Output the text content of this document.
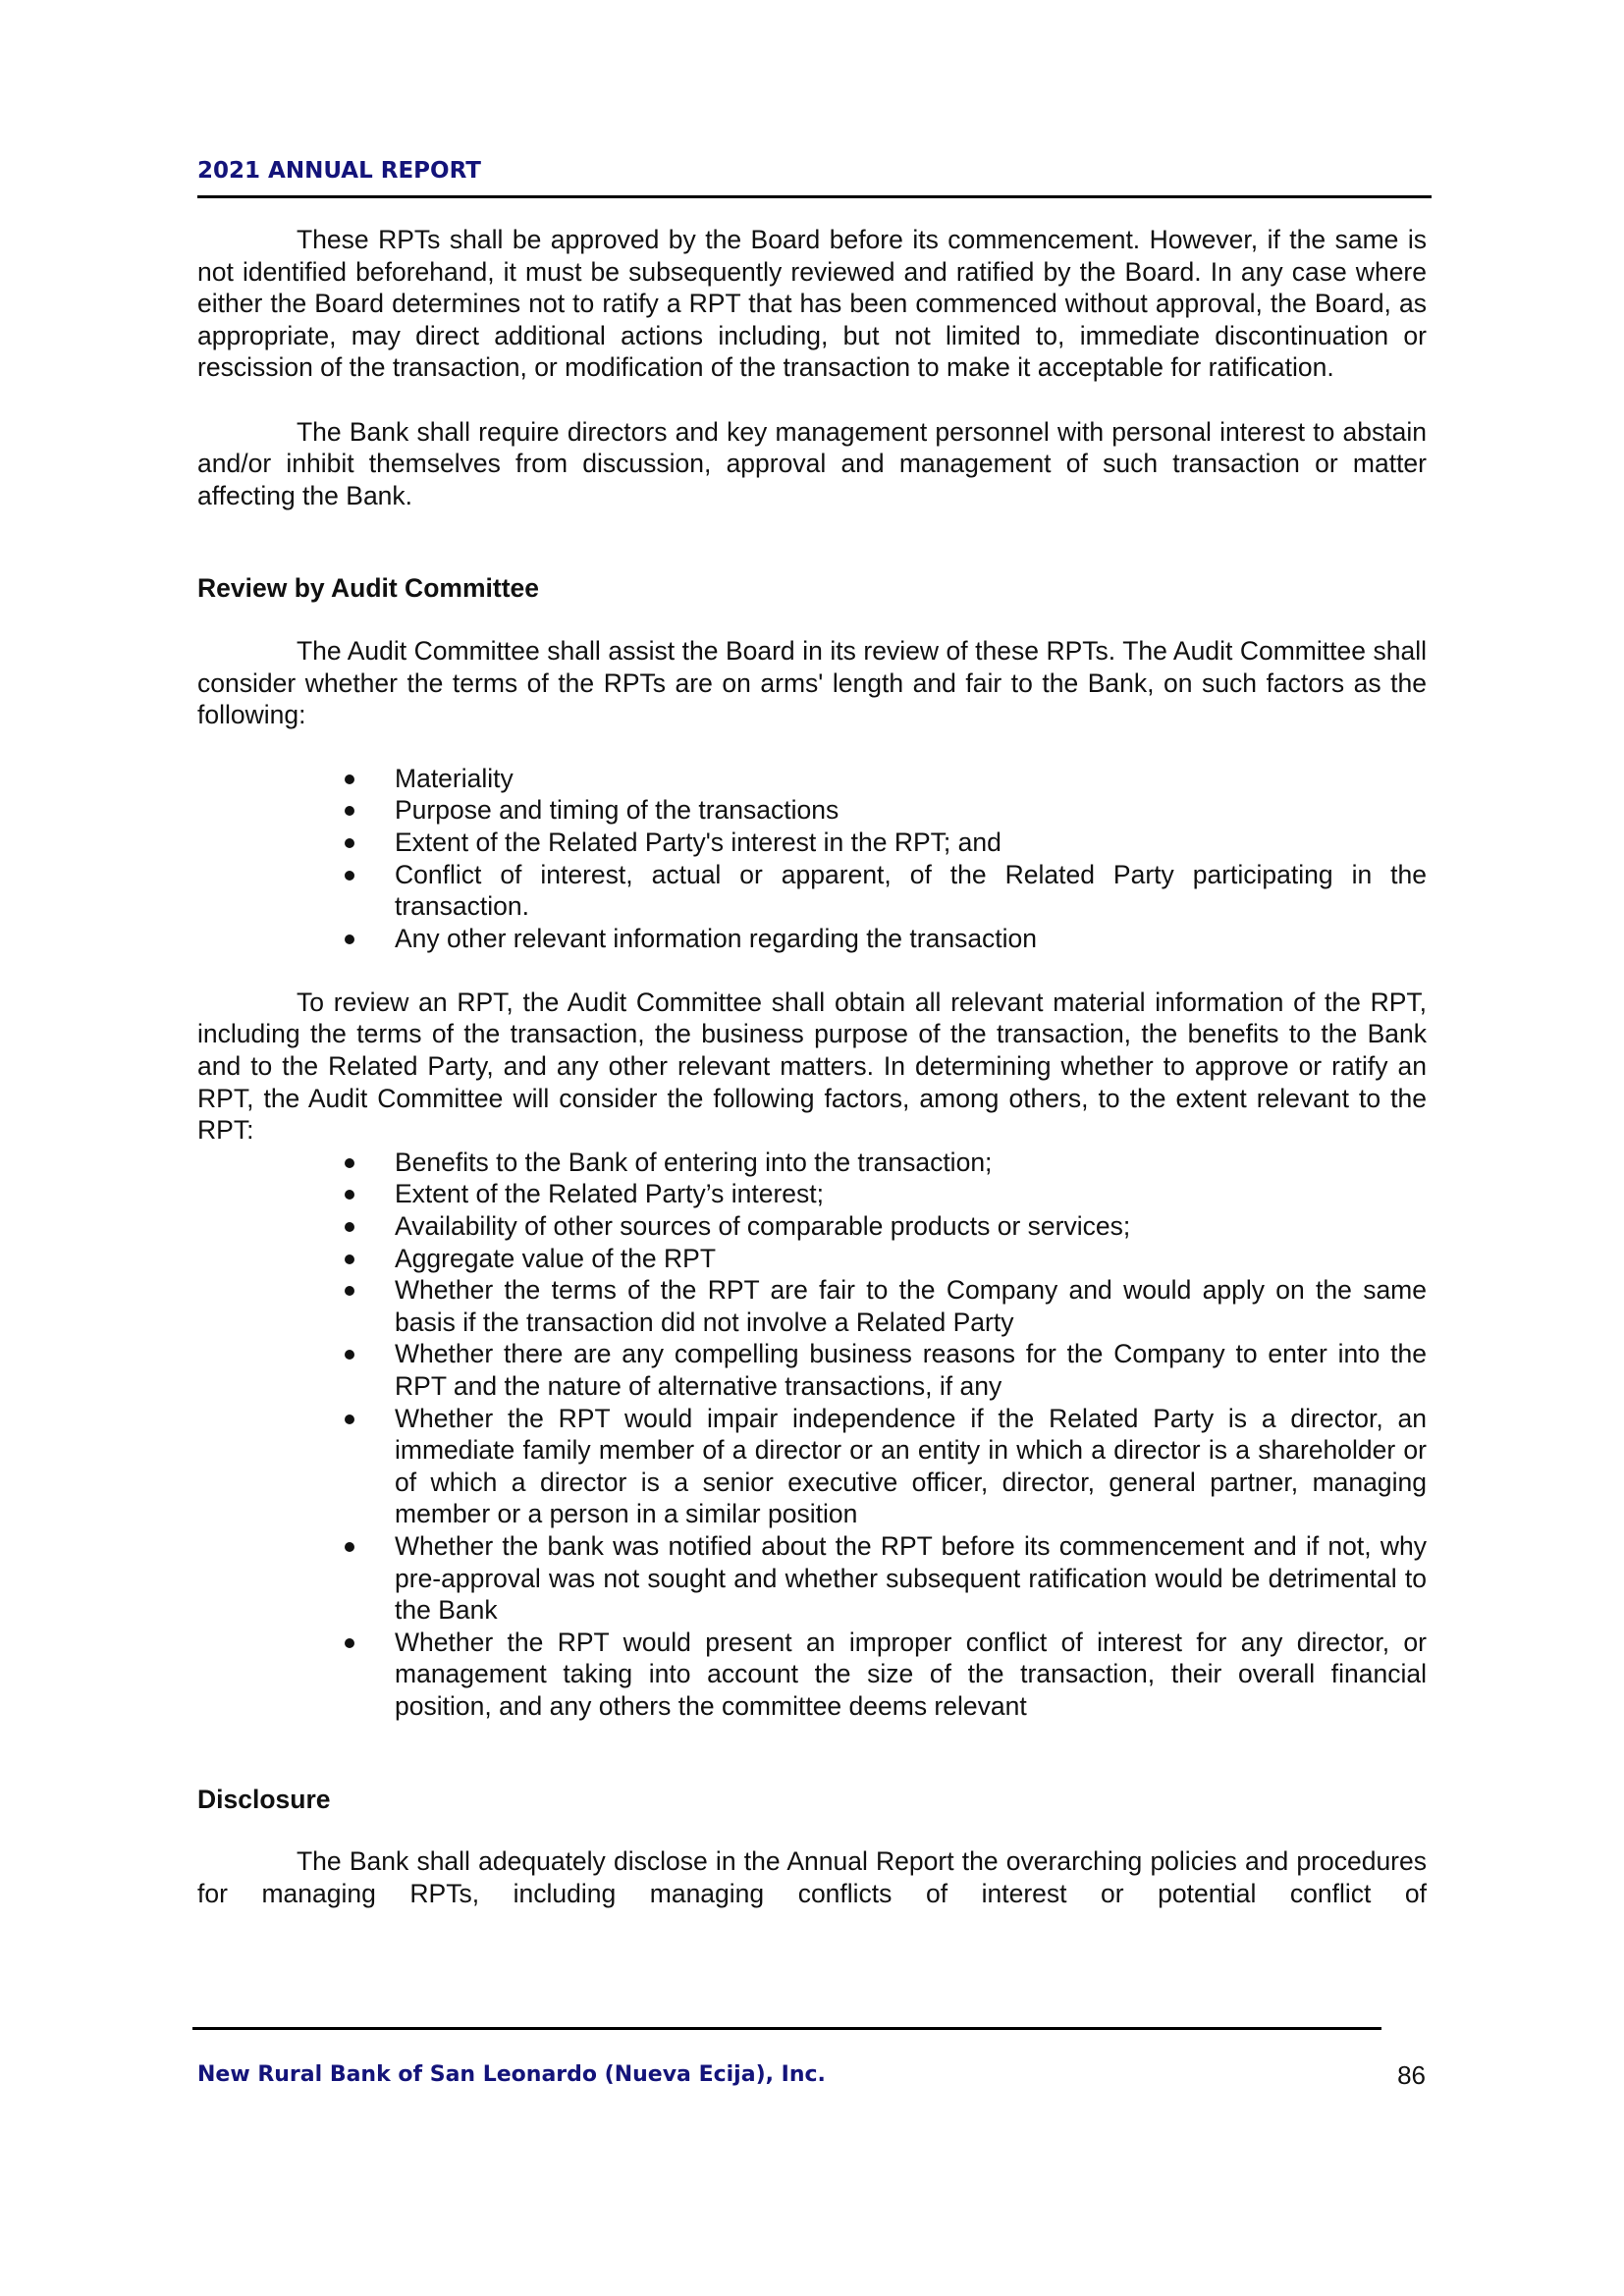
2021 ANNUAL REPORT

These RPTs shall be approved by the Board before its commencement. However, if the same is not identified beforehand, it must be subsequently reviewed and ratified by the Board. In any case where either the Board determines not to ratify a RPT that has been commenced without approval, the Board, as appropriate, may direct additional actions including, but not limited to, immediate discontinuation or rescission of the transaction, or modification of the transaction to make it acceptable for ratification.

The Bank shall require directors and key management personnel with personal interest to abstain and/or inhibit themselves from discussion, approval and management of such transaction or matter affecting the Bank.

Review by Audit Committee

The Audit Committee shall assist the Board in its review of these RPTs. The Audit Committee shall consider whether the terms of the RPTs are on arms' length and fair to the Bank, on such factors as the following:

Materiality
Purpose and timing of the transactions
Extent of the Related Party's interest in the RPT; and
Conflict of interest, actual or apparent, of the Related Party participating in the transaction.
Any other relevant information regarding the transaction

To review an RPT, the Audit Committee shall obtain all relevant material information of the RPT, including the terms of the transaction, the business purpose of the transaction, the benefits to the Bank and to the Related Party, and any other relevant matters. In determining whether to approve or ratify an RPT, the Audit Committee will consider the following factors, among others, to the extent relevant to the RPT:

Benefits to the Bank of entering into the transaction;
Extent of the Related Party’s interest;
Availability of other sources of comparable products or services;
Aggregate value of the RPT
Whether the terms of the RPT are fair to the Company and would apply on the same basis if the transaction did not involve a Related Party
Whether there are any compelling business reasons for the Company to enter into the RPT and the nature of alternative transactions, if any
Whether the RPT would impair independence if the Related Party is a director, an immediate family member of a director or an entity in which a director is a shareholder or of which a director is a senior executive officer, director, general partner, managing member or a person in a similar position
Whether the bank was notified about the RPT before its commencement and if not, why pre-approval was not sought and whether subsequent ratification would be detrimental to the Bank
Whether the RPT would present an improper conflict of interest for any director, or management taking into account the size of the transaction, their overall financial position, and any others the committee deems relevant
Disclosure

The Bank shall adequately disclose in the Annual Report the overarching policies and procedures for managing RPTs, including managing conflicts of interest or potential conflict of

New Rural Bank of San Leonardo (Nueva Ecija), Inc.	86
